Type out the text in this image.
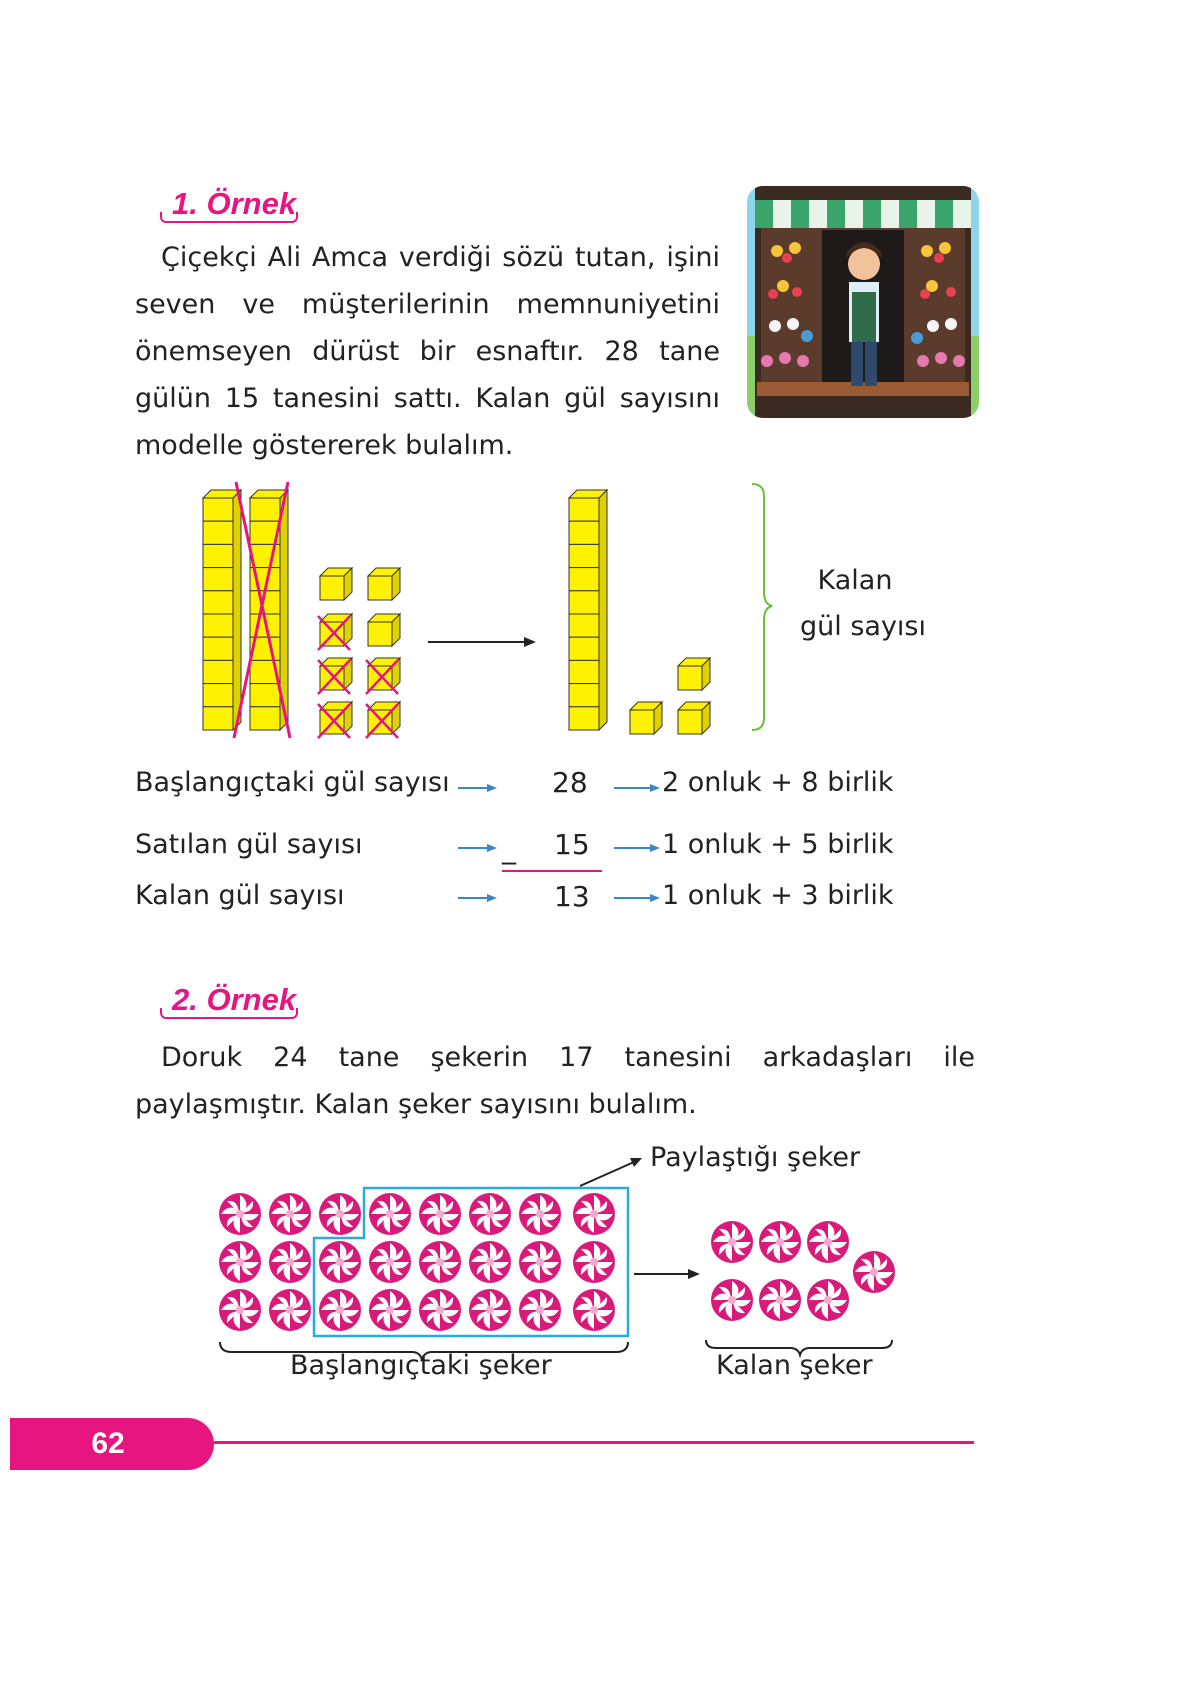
1. Örnek
Çiçekçi Ali Amca verdiği sözü tutan, işini seven ve müşterilerinin memnuniyetini önemseyen dürüst bir esnaftır. 28 tane gülün 15 tanesini sattı. Kalan gül sayısını modelle göstererek bulalım.
Kalan
gül sayısı
Başlangıçtaki gül sayısı
Satılan gül sayısı
Kalan gül sayısı
28
_ 15
13
2 onluk + 8 birlik
1 onluk + 5 birlik
1 onluk + 3 birlik
2. Örnek
Doruk 24 tane şekerin 17 tanesini arkadaşları ile paylaşmıştır. Kalan şeker sayısını bulalım.
Paylaştığı şeker
Başlangıçtaki şeker	Kalan şeker
62
